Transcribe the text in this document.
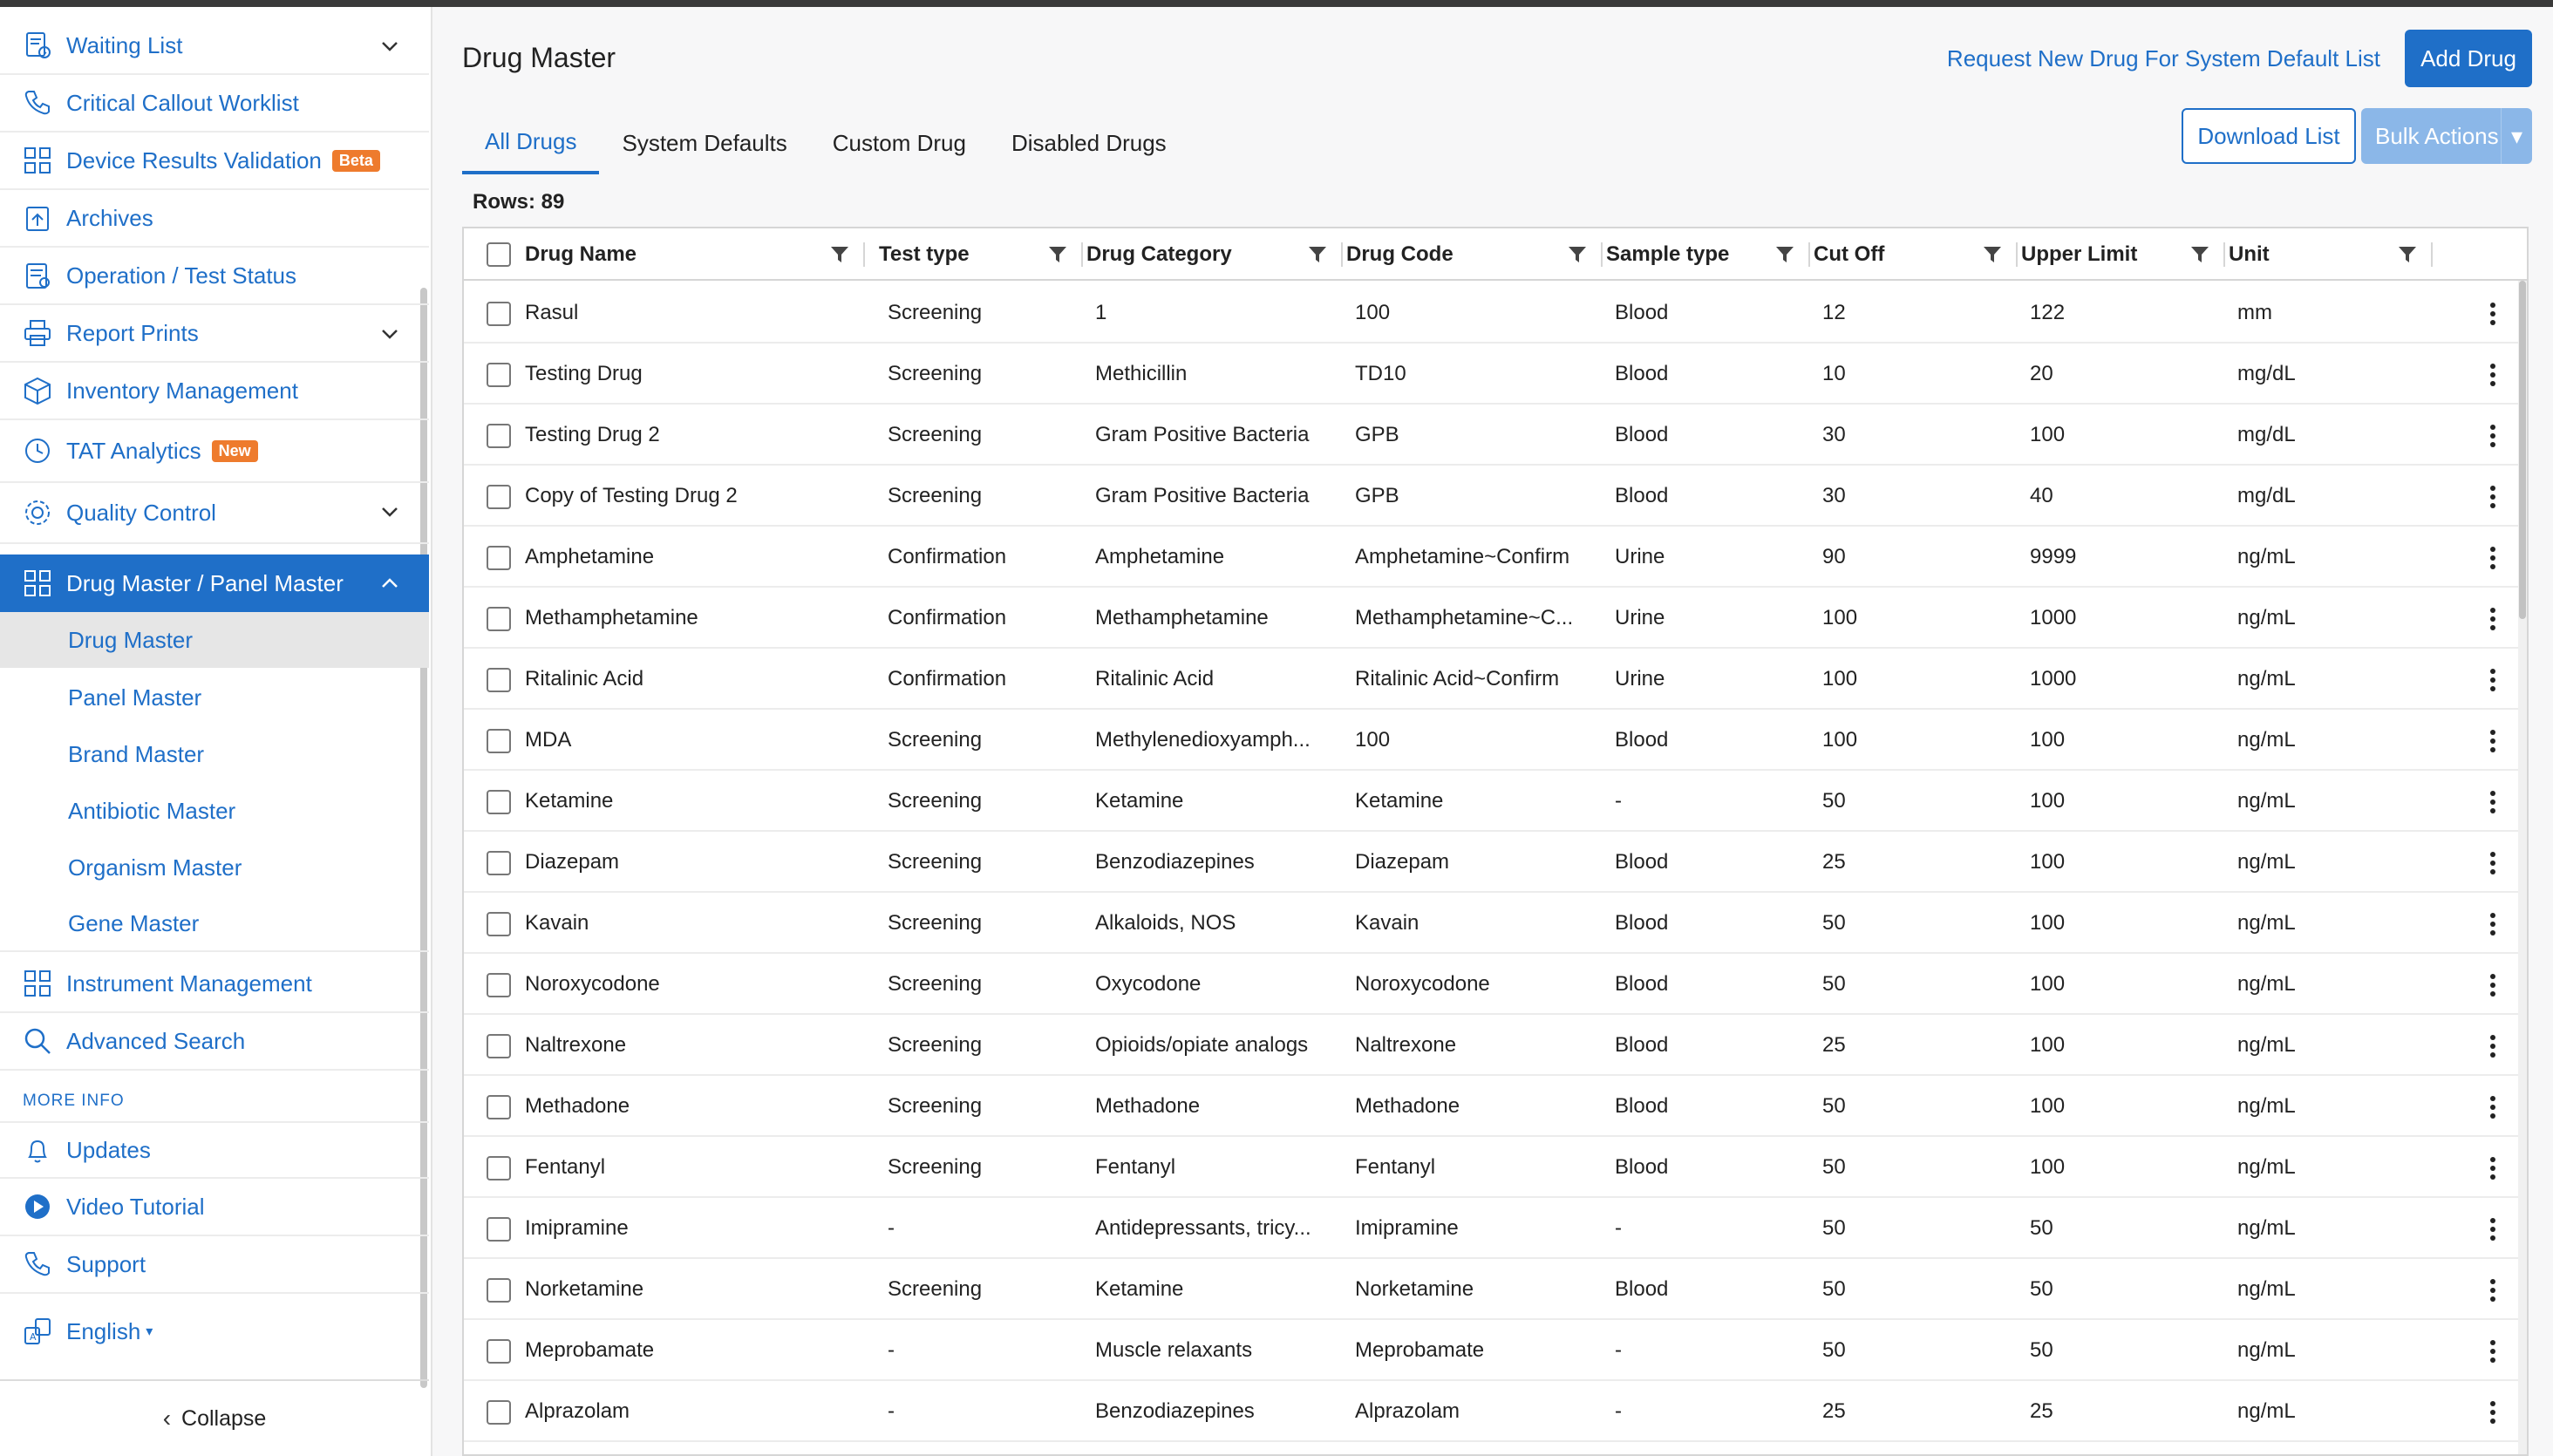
Waiting List
Critical Callout Worklist
Device Results Validation	Beta
Archives
Operation / Test Status
Report Prints
Inventory Management
TAT Analytics	New
Quality Control
Drug Master / Panel Master
Drug Master
Panel Master
Brand Master
Antibiotic Master
Organism Master
Gene Master
Instrument Management
Advanced Search
MORE INFO
Updates
Video Tutorial
Support
A English ▾
‹ Collapse
Drug Master	Request New Drug For System Default List	Add Drug
All Drugs	System Defaults	Custom Drug	Disabled Drugs	Download List	Bulk Actions ▾
Rows: 89
Drug Name	Test type	Drug Category	Drug Code	Sample type	Cut Off	Upper Limit	Unit
Rasul	Screening	1	100	Blood	12	122	mm
Testing Drug	Screening	Methicillin	TD10	Blood	10	20	mg/dL
Testing Drug 2	Screening	Gram Positive Bacteria	GPB	Blood	30	100	mg/dL
Copy of Testing Drug 2	Screening	Gram Positive Bacteria	GPB	Blood	30	40	mg/dL
Amphetamine	Confirmation	Amphetamine	Amphetamine~Confirm	Urine	90	9999	ng/mL
Methamphetamine	Confirmation	Methamphetamine	Methamphetamine~C...	Urine	100	1000	ng/mL
Ritalinic Acid	Confirmation	Ritalinic Acid	Ritalinic Acid~Confirm	Urine	100	1000	ng/mL
MDA	Screening	Methylenedioxyamph...	100	Blood	100	100	ng/mL
Ketamine	Screening	Ketamine	Ketamine	-	50	100	ng/mL
Diazepam	Screening	Benzodiazepines	Diazepam	Blood	25	100	ng/mL
Kavain	Screening	Alkaloids, NOS	Kavain	Blood	50	100	ng/mL
Noroxycodone	Screening	Oxycodone	Noroxycodone	Blood	50	100	ng/mL
Naltrexone	Screening	Opioids/opiate analogs	Naltrexone	Blood	25	100	ng/mL
Methadone	Screening	Methadone	Methadone	Blood	50	100	ng/mL
Fentanyl	Screening	Fentanyl	Fentanyl	Blood	50	100	ng/mL
Imipramine	-	Antidepressants, tricy...	Imipramine	-	50	50	ng/mL
Norketamine	Screening	Ketamine	Norketamine	Blood	50	50	ng/mL
Meprobamate	-	Muscle relaxants	Meprobamate	-	50	50	ng/mL
Alprazolam	-	Benzodiazepines	Alprazolam	-	25	25	ng/mL
